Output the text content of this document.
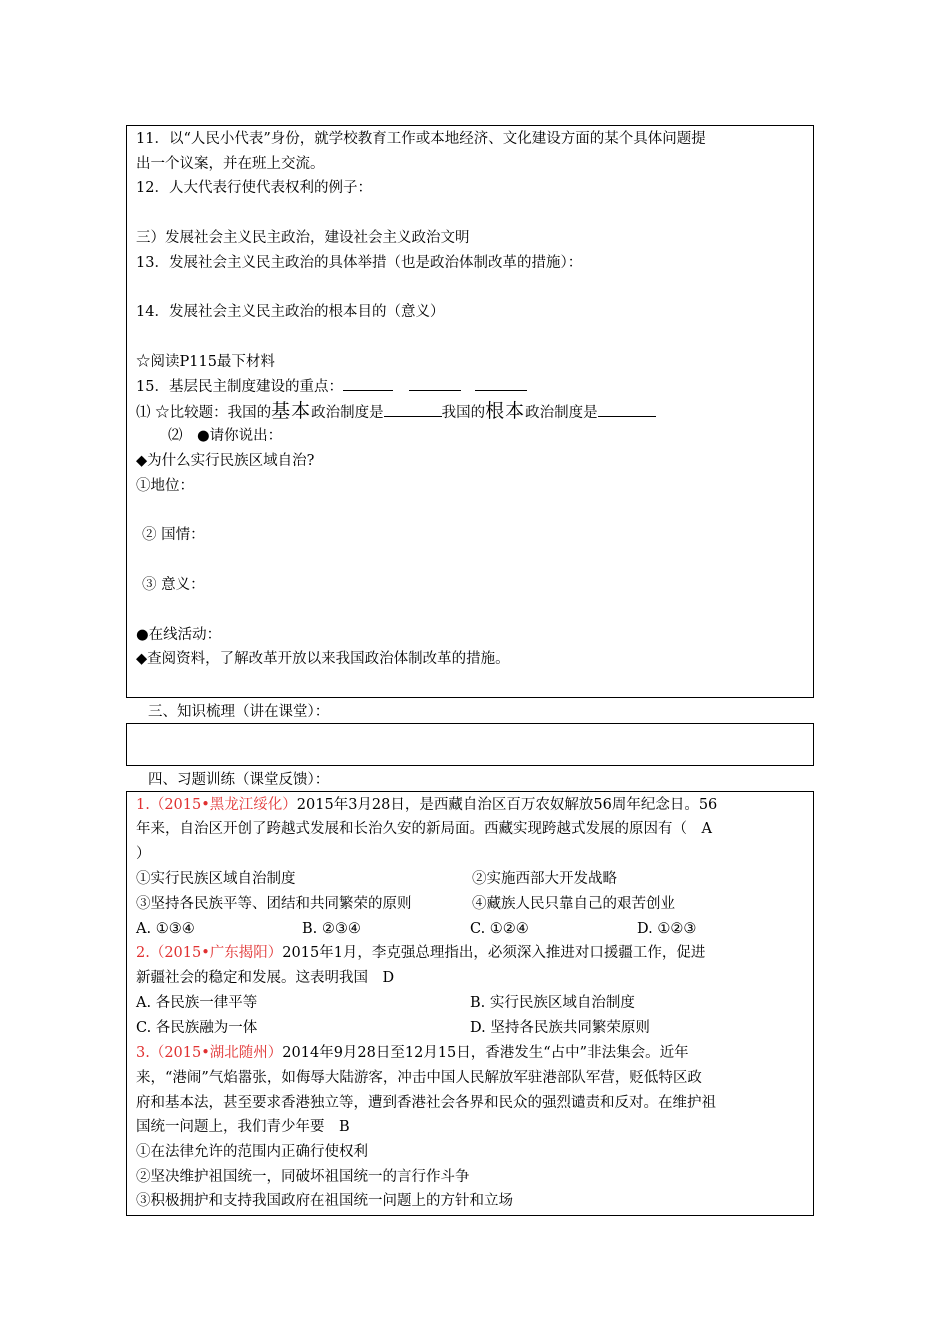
11．以“人民小代表”身份，就学校教育工作或本地经济、文化建设方面的某个具体问题提
出一个议案，并在班上交流。
12．人大代表行使代表权利的例子：
三）发展社会主义民主政治，建设社会主义政治文明
13．发展社会主义民主政治的具体举措（也是政治体制改革的措施）：
14．发展社会主义民主政治的根本目的（意义）
☆阅读P115最下材料
15．基层民主制度建设的重点：
⑴ ☆比较题：我国的基本政治制度是	我国的根本政治制度是
⑵　●请你说出：
◆为什么实行民族区域自治?
①地位：
② 国情：
③ 意义：
●在线活动：
◆查阅资料，了解改革开放以来我国政治体制改革的措施。
三、知识梳理（讲在课堂）：
四、习题训练（课堂反馈）：
1.（2015•黑龙江绥化）2015年3月28日，是西藏自治区百万农奴解放56周年纪念日。56
年来，自治区开创了跨越式发展和长治久安的新局面。西藏实现跨越式发展的原因有（　A
）
①实行民族区域自治制度	②实施西部大开发战略
③坚持各民族平等、团结和共同繁荣的原则	④藏族人民只靠自己的艰苦创业
A. ①③④	B. ②③④	C. ①②④	D. ①②③
2.（2015•广东揭阳）2015年1月，李克强总理指出，必须深入推进对口援疆工作，促进
新疆社会的稳定和发展。这表明我国　D
A. 各民族一律平等	B. 实行民族区域自治制度
C. 各民族融为一体	D. 坚持各民族共同繁荣原则
3.（2015•湖北随州）2014年9月28日至12月15日，香港发生“占中”非法集会。近年
来，“港闹”气焰嚣张，如侮辱大陆游客，冲击中国人民解放军驻港部队军营，贬低特区政
府和基本法，甚至要求香港独立等，遭到香港社会各界和民众的强烈谴责和反对。在维护祖
国统一问题上，我们青少年要　B
①在法律允许的范围内正确行使权利
②坚决维护祖国统一，同破坏祖国统一的言行作斗争
③积极拥护和支持我国政府在祖国统一问题上的方针和立场
